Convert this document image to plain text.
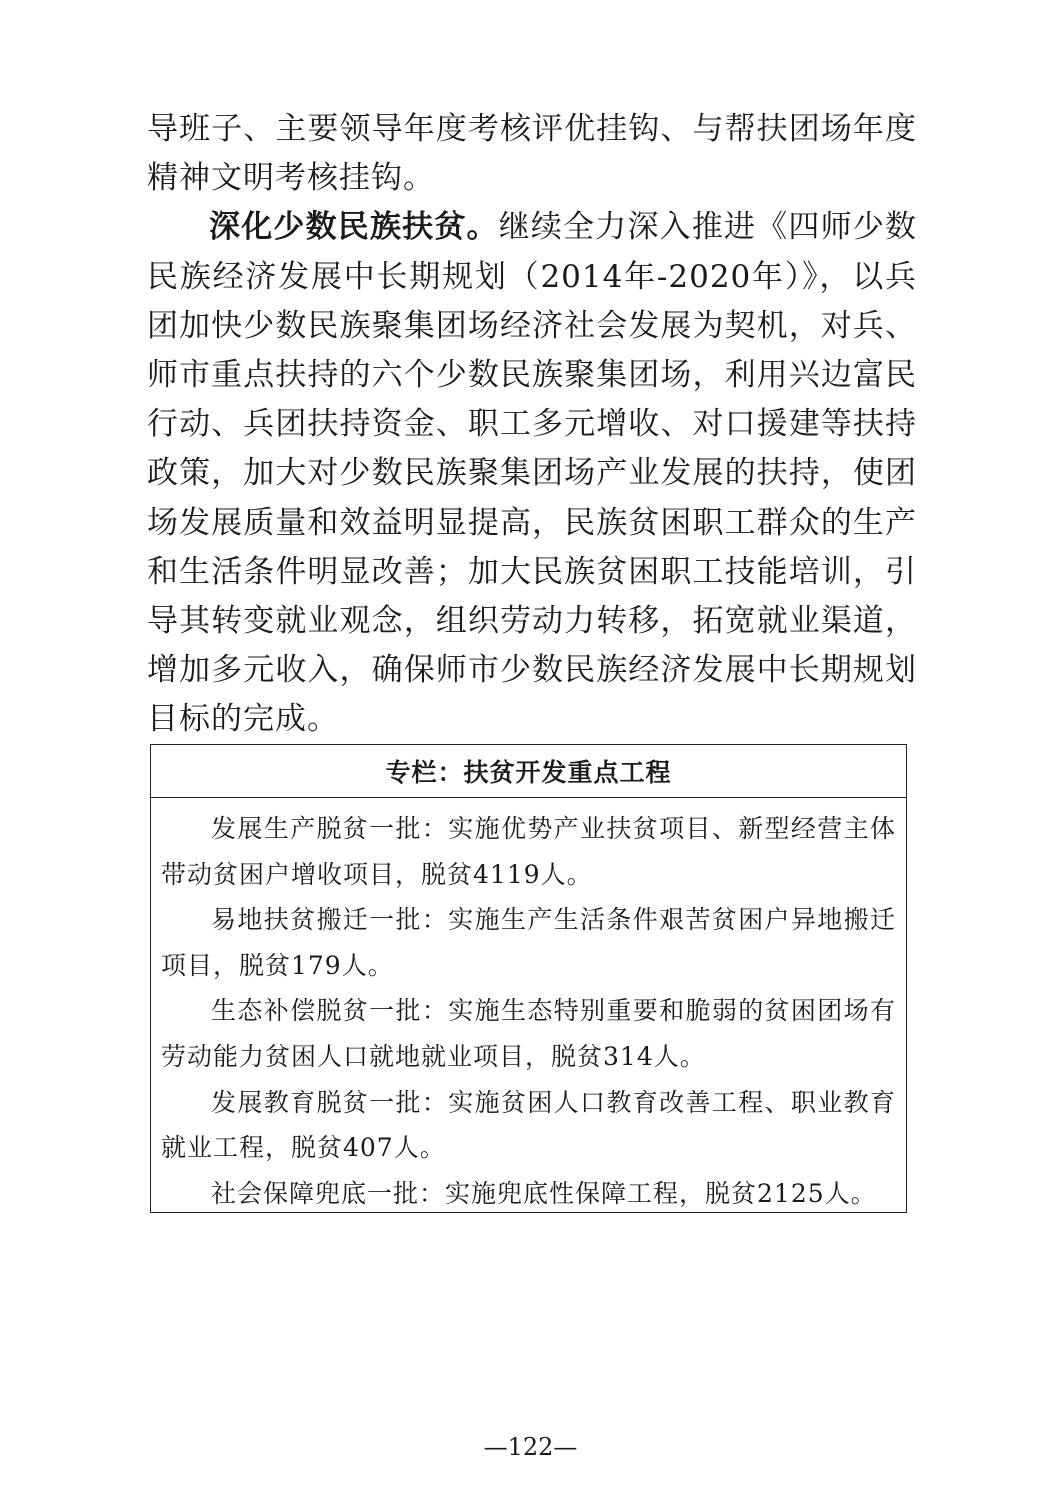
导班子、主要领导年度考核评优挂钩、与帮扶团场年度精神文明考核挂钩。

深化少数民族扶贫。继续全力深入推进《四师少数民族经济发展中长期规划（2014年-2020年）》，以兵团加快少数民族聚集团场经济社会发展为契机，对兵、师市重点扶持的六个少数民族聚集团场，利用兴边富民行动、兵团扶持资金、职工多元增收、对口援建等扶持政策，加大对少数民族聚集团场产业发展的扶持，使团场发展质量和效益明显提高，民族贫困职工群众的生产和生活条件明显改善；加大民族贫困职工技能培训，引导其转变就业观念，组织劳动力转移，拓宽就业渠道，增加多元收入，确保师市少数民族经济发展中长期规划目标的完成。

专栏：扶贫开发重点工程

发展生产脱贫一批：实施优势产业扶贫项目、新型经营主体带动贫困户增收项目，脱贫4119人。

易地扶贫搬迁一批：实施生产生活条件艰苦贫困户异地搬迁项目，脱贫179人。

生态补偿脱贫一批：实施生态特别重要和脆弱的贫困团场有劳动能力贫困人口就地就业项目，脱贫314人。

发展教育脱贫一批：实施贫困人口教育改善工程、职业教育就业工程，脱贫407人。

社会保障兜底一批：实施兜底性保障工程，脱贫2125人。

—122—
